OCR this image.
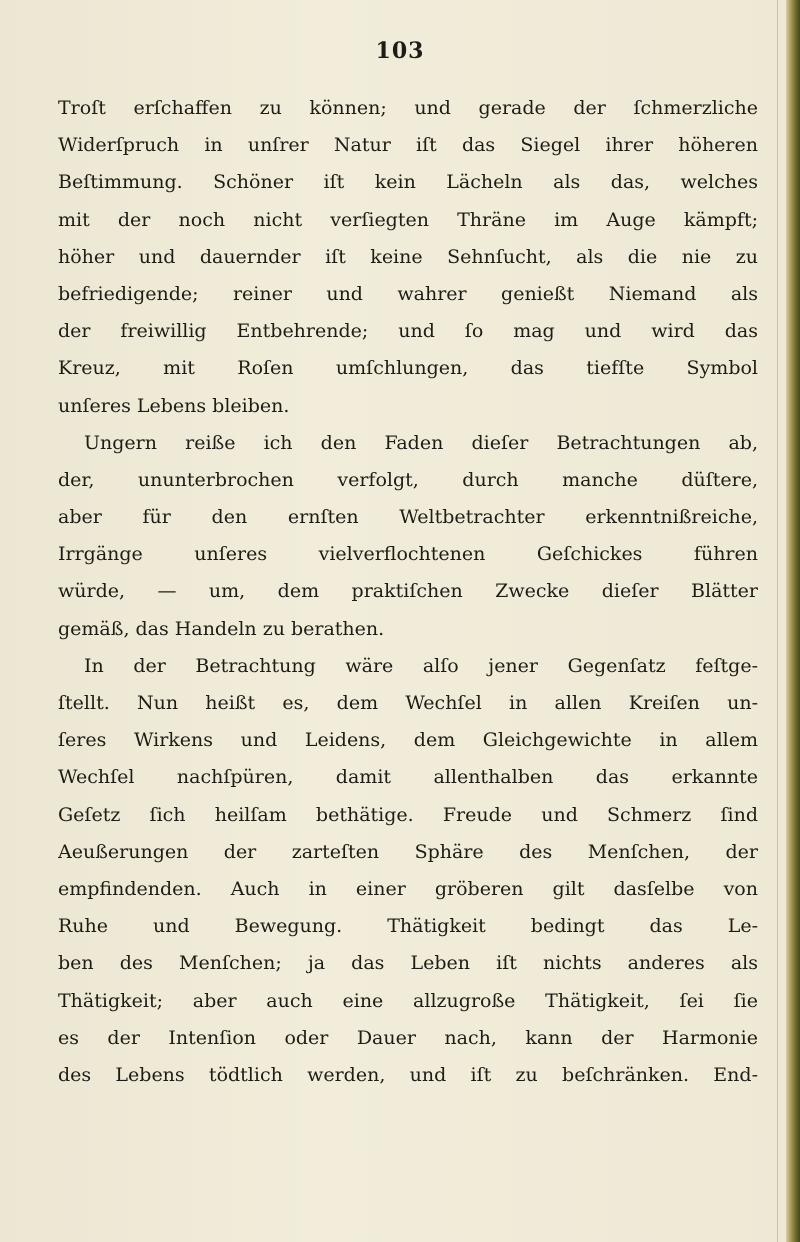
103
Troſt erſchaffen zu können; und gerade der ſchmerzliche
Widerſpruch in unſrer Natur iſt das Siegel ihrer höheren
Beſtimmung. Schöner iſt kein Lächeln als das, welches
mit der noch nicht verſiegten Thräne im Auge kämpft;
höher und dauernder iſt keine Sehnſucht, als die nie zu
befriedigende; reiner und wahrer genießt Niemand als
der freiwillig Entbehrende; und ſo mag und wird das
Kreuz, mit Roſen umſchlungen, das tiefſte Symbol
unſeres Lebens bleiben.
Ungern reiße ich den Faden dieſer Betrachtungen ab,
der, ununterbrochen verfolgt, durch manche düſtere,
aber für den ernſten Weltbetrachter erkenntnißreiche,
Irrgänge unſeres vielverflochtenen Geſchickes führen
würde, — um, dem praktiſchen Zwecke dieſer Blätter
gemäß, das Handeln zu berathen.
In der Betrachtung wäre alſo jener Gegenſatz feſtge-
ſtellt. Nun heißt es, dem Wechſel in allen Kreiſen un-
ſeres Wirkens und Leidens, dem Gleichgewichte in allem
Wechſel nachſpüren, damit allenthalben das erkannte
Geſetz ſich heilſam bethätige. Freude und Schmerz ſind
Aeußerungen der zarteſten Sphäre des Menſchen, der
empfindenden. Auch in einer gröberen gilt dasſelbe von
Ruhe und Bewegung. Thätigkeit bedingt das Le-
ben des Menſchen; ja das Leben iſt nichts anderes als
Thätigkeit; aber auch eine allzugroße Thätigkeit, ſei ſie
es der Intenſion oder Dauer nach, kann der Harmonie
des Lebens tödtlich werden, und iſt zu beſchränken. End-
